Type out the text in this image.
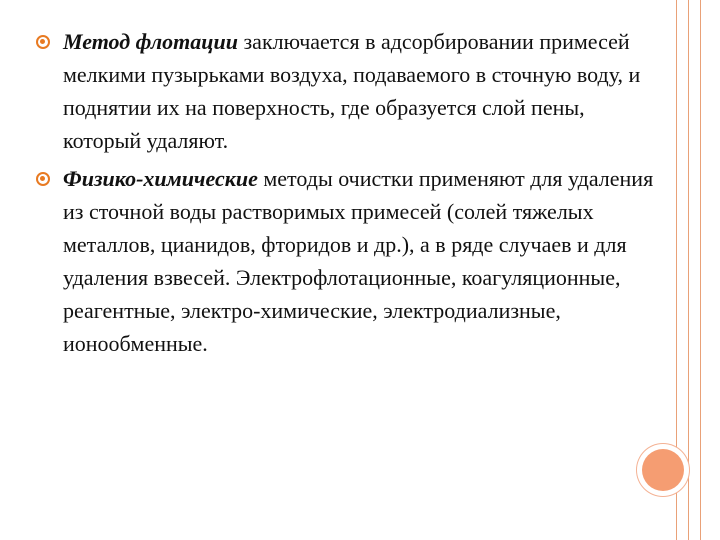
Метод флотации заключается в адсорбировании примесей мелкими пузырьками воздуха, подаваемого в сточную воду, и поднятии их на поверхность, где образуется слой пены, который удаляют.
Физико-химические методы очистки применяют для удаления из сточной воды растворимых примесей (солей тяжелых металлов, цианидов, фторидов и др.), а в ряде случаев и для удаления взвесей. Электрофлотационные, коагуляционные, реагентные, электро-химические, электродиализные, ионообменные.
